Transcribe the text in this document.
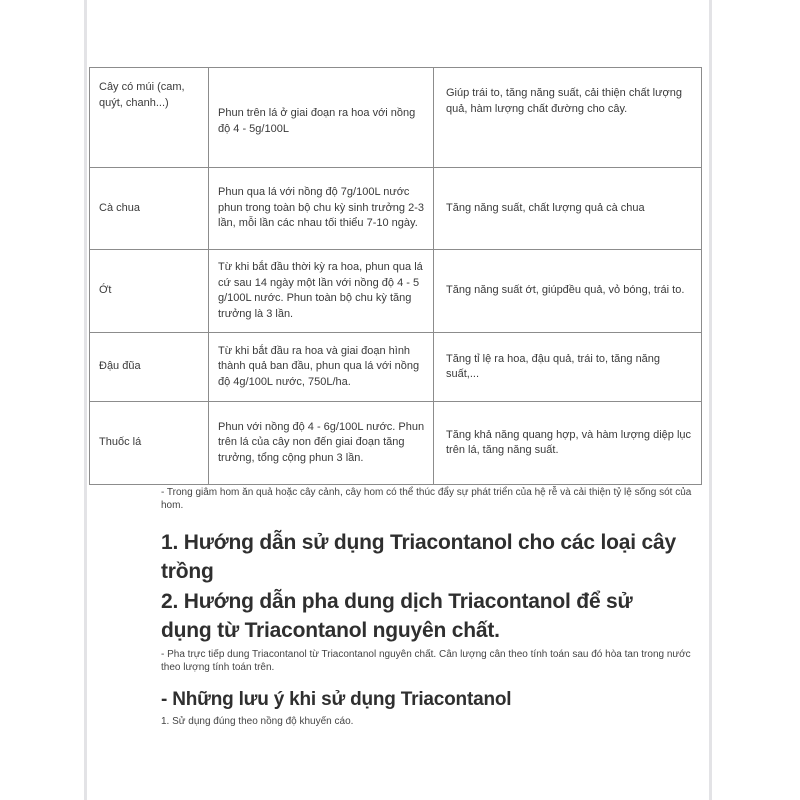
Cây có múi (cam, quýt, chanh...)	Phun trên lá ở giai đoạn ra hoa với nồng độ 4 - 5g/100L	Giúp trái to, tăng năng suất, cải thiện chất lượng quả, hàm lượng chất đường cho cây.
Cà chua	Phun qua lá với nồng độ 7g/100L nước phun trong toàn bộ chu kỳ sinh trưởng 2-3 lần, mỗi lần các nhau tối thiểu 7-10 ngày.	Tăng năng suất, chất lượng quả cà chua
Ớt	Từ khi bắt đầu thời kỳ ra hoa, phun qua lá cứ sau 14 ngày một lần với nồng độ 4 - 5 g/100L nước. Phun toàn bộ chu kỳ tăng trưởng là 3 lần.	Tăng năng suất ớt, giúpđều quả, vỏ bóng, trái to.
Đậu đũa	Từ khi bắt đầu ra hoa và giai đoạn hình thành quả ban đầu, phun qua lá với nồng độ 4g/100L nước, 750L/ha.	Tăng tỉ lệ ra hoa, đậu quả, trái to, tăng năng suất,...
Thuốc lá	Phun với nồng độ 4 - 6g/100L nước. Phun trên lá của cây non đến giai đoạn tăng trưởng, tổng cộng phun 3 lần.	Tăng khả năng quang hợp, và hàm lượng diệp lục trên lá, tăng năng suất.
- Trong giâm hom ăn quả hoặc cây cảnh, cây hom có thể thúc đẩy sự phát triển của hệ rễ và cải thiện tỷ lệ sống sót của hom.
1. Hướng dẫn sử dụng Triacontanol cho các loại cây trồng
2. Hướng dẫn pha dung dịch Triacontanol để sử dụng từ Triacontanol nguyên chất.
- Pha trực tiếp dung Triacontanol từ Triacontanol nguyên chất. Cân lượng cân theo tính toán sau đó hòa tan trong nước theo lượng tính toán trên.
- Những lưu ý khi sử dụng Triacontanol
1. Sử dụng đúng theo nồng độ khuyến cáo.
